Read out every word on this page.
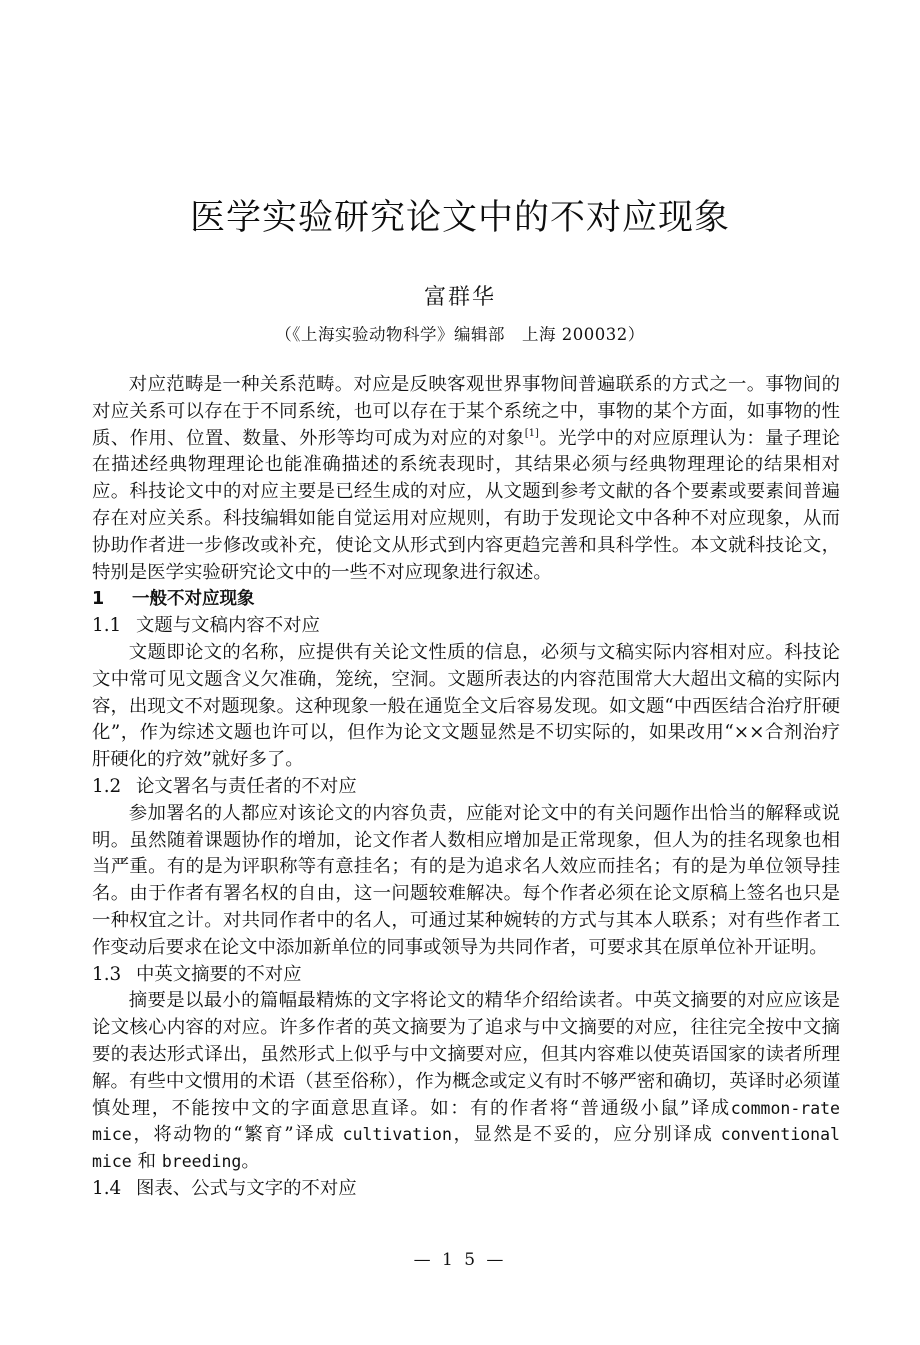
医学实验研究论文中的不对应现象
富群华
（《上海实验动物科学》编辑部　上海 200032）

对应范畴是一种关系范畴。对应是反映客观世界事物间普遍联系的方式之一。事物间的对应关系可以存在于不同系统，也可以存在于某个系统之中，事物的某个方面，如事物的性质、作用、位置、数量、外形等均可成为对应的对象[1]。光学中的对应原理认为：量子理论在描述经典物理理论也能准确描述的系统表现时，其结果必须与经典物理理论的结果相对应。科技论文中的对应主要是已经生成的对应，从文题到参考文献的各个要素或要素间普遍存在对应关系。科技编辑如能自觉运用对应规则，有助于发现论文中各种不对应现象，从而协助作者进一步修改或补充，使论文从形式到内容更趋完善和具科学性。本文就科技论文，特别是医学实验研究论文中的一些不对应现象进行叙述。

1 一般不对应现象
1.1 文题与文稿内容不对应

文题即论文的名称，应提供有关论文性质的信息，必须与文稿实际内容相对应。科技论文中常可见文题含义欠准确，笼统，空洞。文题所表达的内容范围常大大超出文稿的实际内容，出现文不对题现象。这种现象一般在通览全文后容易发现。如文题“中西医结合治疗肝硬化”，作为综述文题也许可以，但作为论文文题显然是不切实际的，如果改用“××合剂治疗肝硬化的疗效”就好多了。

1.2 论文署名与责任者的不对应

参加署名的人都应对该论文的内容负责，应能对论文中的有关问题作出恰当的解释或说明。虽然随着课题协作的增加，论文作者人数相应增加是正常现象，但人为的挂名现象也相当严重。有的是为评职称等有意挂名；有的是为追求名人效应而挂名；有的是为单位领导挂名。由于作者有署名权的自由，这一问题较难解决。每个作者必须在论文原稿上签名也只是一种权宜之计。对共同作者中的名人，可通过某种婉转的方式与其本人联系；对有些作者工作变动后要求在论文中添加新单位的同事或领导为共同作者，可要求其在原单位补开证明。

1.3 中英文摘要的不对应

摘要是以最小的篇幅最精炼的文字将论文的精华介绍给读者。中英文摘要的对应应该是论文核心内容的对应。许多作者的英文摘要为了追求与中文摘要的对应，往往完全按中文摘要的表达形式译出，虽然形式上似乎与中文摘要对应，但其内容难以使英语国家的读者所理解。有些中文惯用的术语（甚至俗称），作为概念或定义有时不够严密和确切，英译时必须谨慎处理，不能按中文的字面意思直译。如：有的作者将“普通级小鼠”译成common-rate mice，将动物的“繁育”译成 cultivation，显然是不妥的，应分别译成 conventional mice 和 breeding。

1.4 图表、公式与文字的不对应
— 1 5 —
